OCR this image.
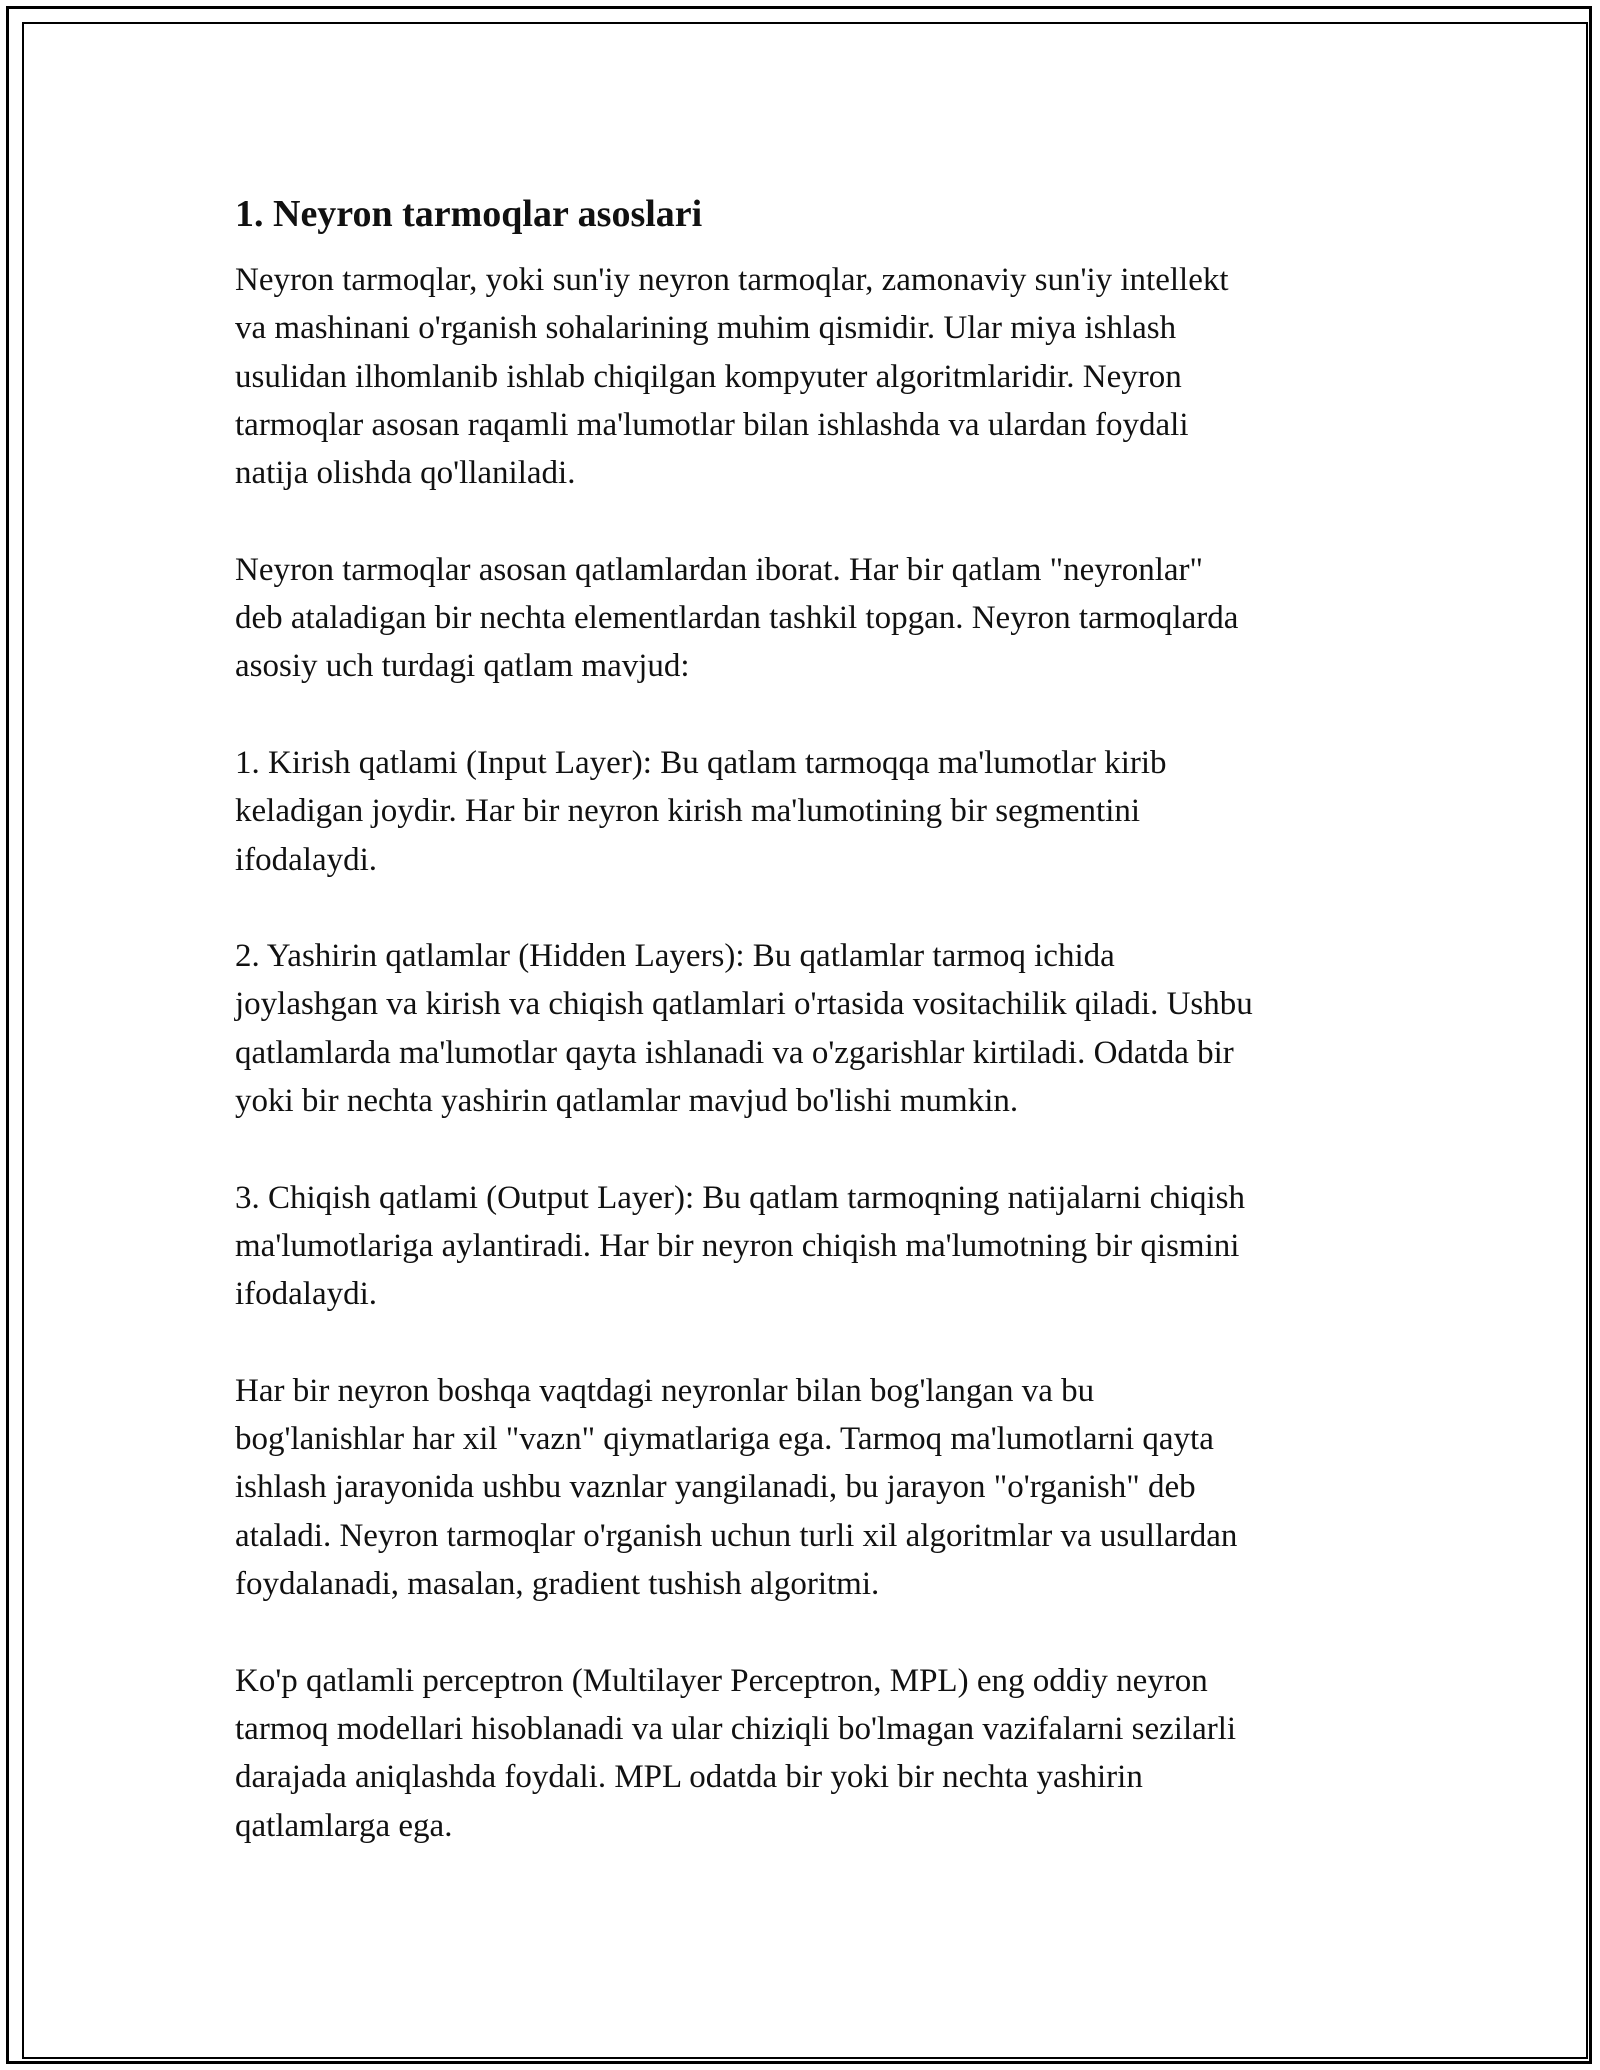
1. Neyron tarmoqlar asoslari

Neyron tarmoqlar, yoki sun'iy neyron tarmoqlar, zamonaviy sun'iy intellekt
va mashinani o'rganish sohalarining muhim qismidir. Ular miya ishlash
usulidan ilhomlanib ishlab chiqilgan kompyuter algoritmlaridir. Neyron
tarmoqlar asosan raqamli ma'lumotlar bilan ishlashda va ulardan foydali
natija olishda qo'llaniladi.

Neyron tarmoqlar asosan qatlamlardan iborat. Har bir qatlam "neyronlar"
deb ataladigan bir nechta elementlardan tashkil topgan. Neyron tarmoqlarda
asosiy uch turdagi qatlam mavjud:

1. Kirish qatlami (Input Layer): Bu qatlam tarmoqqa ma'lumotlar kirib
keladigan joydir. Har bir neyron kirish ma'lumotining bir segmentini
ifodalaydi.

2. Yashirin qatlamlar (Hidden Layers): Bu qatlamlar tarmoq ichida
joylashgan va kirish va chiqish qatlamlari o'rtasida vositachilik qiladi. Ushbu
qatlamlarda ma'lumotlar qayta ishlanadi va o'zgarishlar kirtiladi. Odatda bir
yoki bir nechta yashirin qatlamlar mavjud bo'lishi mumkin.

3. Chiqish qatlami (Output Layer): Bu qatlam tarmoqning natijalarni chiqish
ma'lumotlariga aylantiradi. Har bir neyron chiqish ma'lumotning bir qismini
ifodalaydi.

Har bir neyron boshqa vaqtdagi neyronlar bilan bog'langan va bu
bog'lanishlar har xil "vazn" qiymatlariga ega. Tarmoq ma'lumotlarni qayta
ishlash jarayonida ushbu vaznlar yangilanadi, bu jarayon "o'rganish" deb
ataladi. Neyron tarmoqlar o'rganish uchun turli xil algoritmlar va usullardan
foydalanadi, masalan, gradient tushish algoritmi.

Ko'p qatlamli perceptron (Multilayer Perceptron, MPL) eng oddiy neyron
tarmoq modellari hisoblanadi va ular chiziqli bo'lmagan vazifalarni sezilarli
darajada aniqlashda foydali. MPL odatda bir yoki bir nechta yashirin
qatlamlarga ega.
